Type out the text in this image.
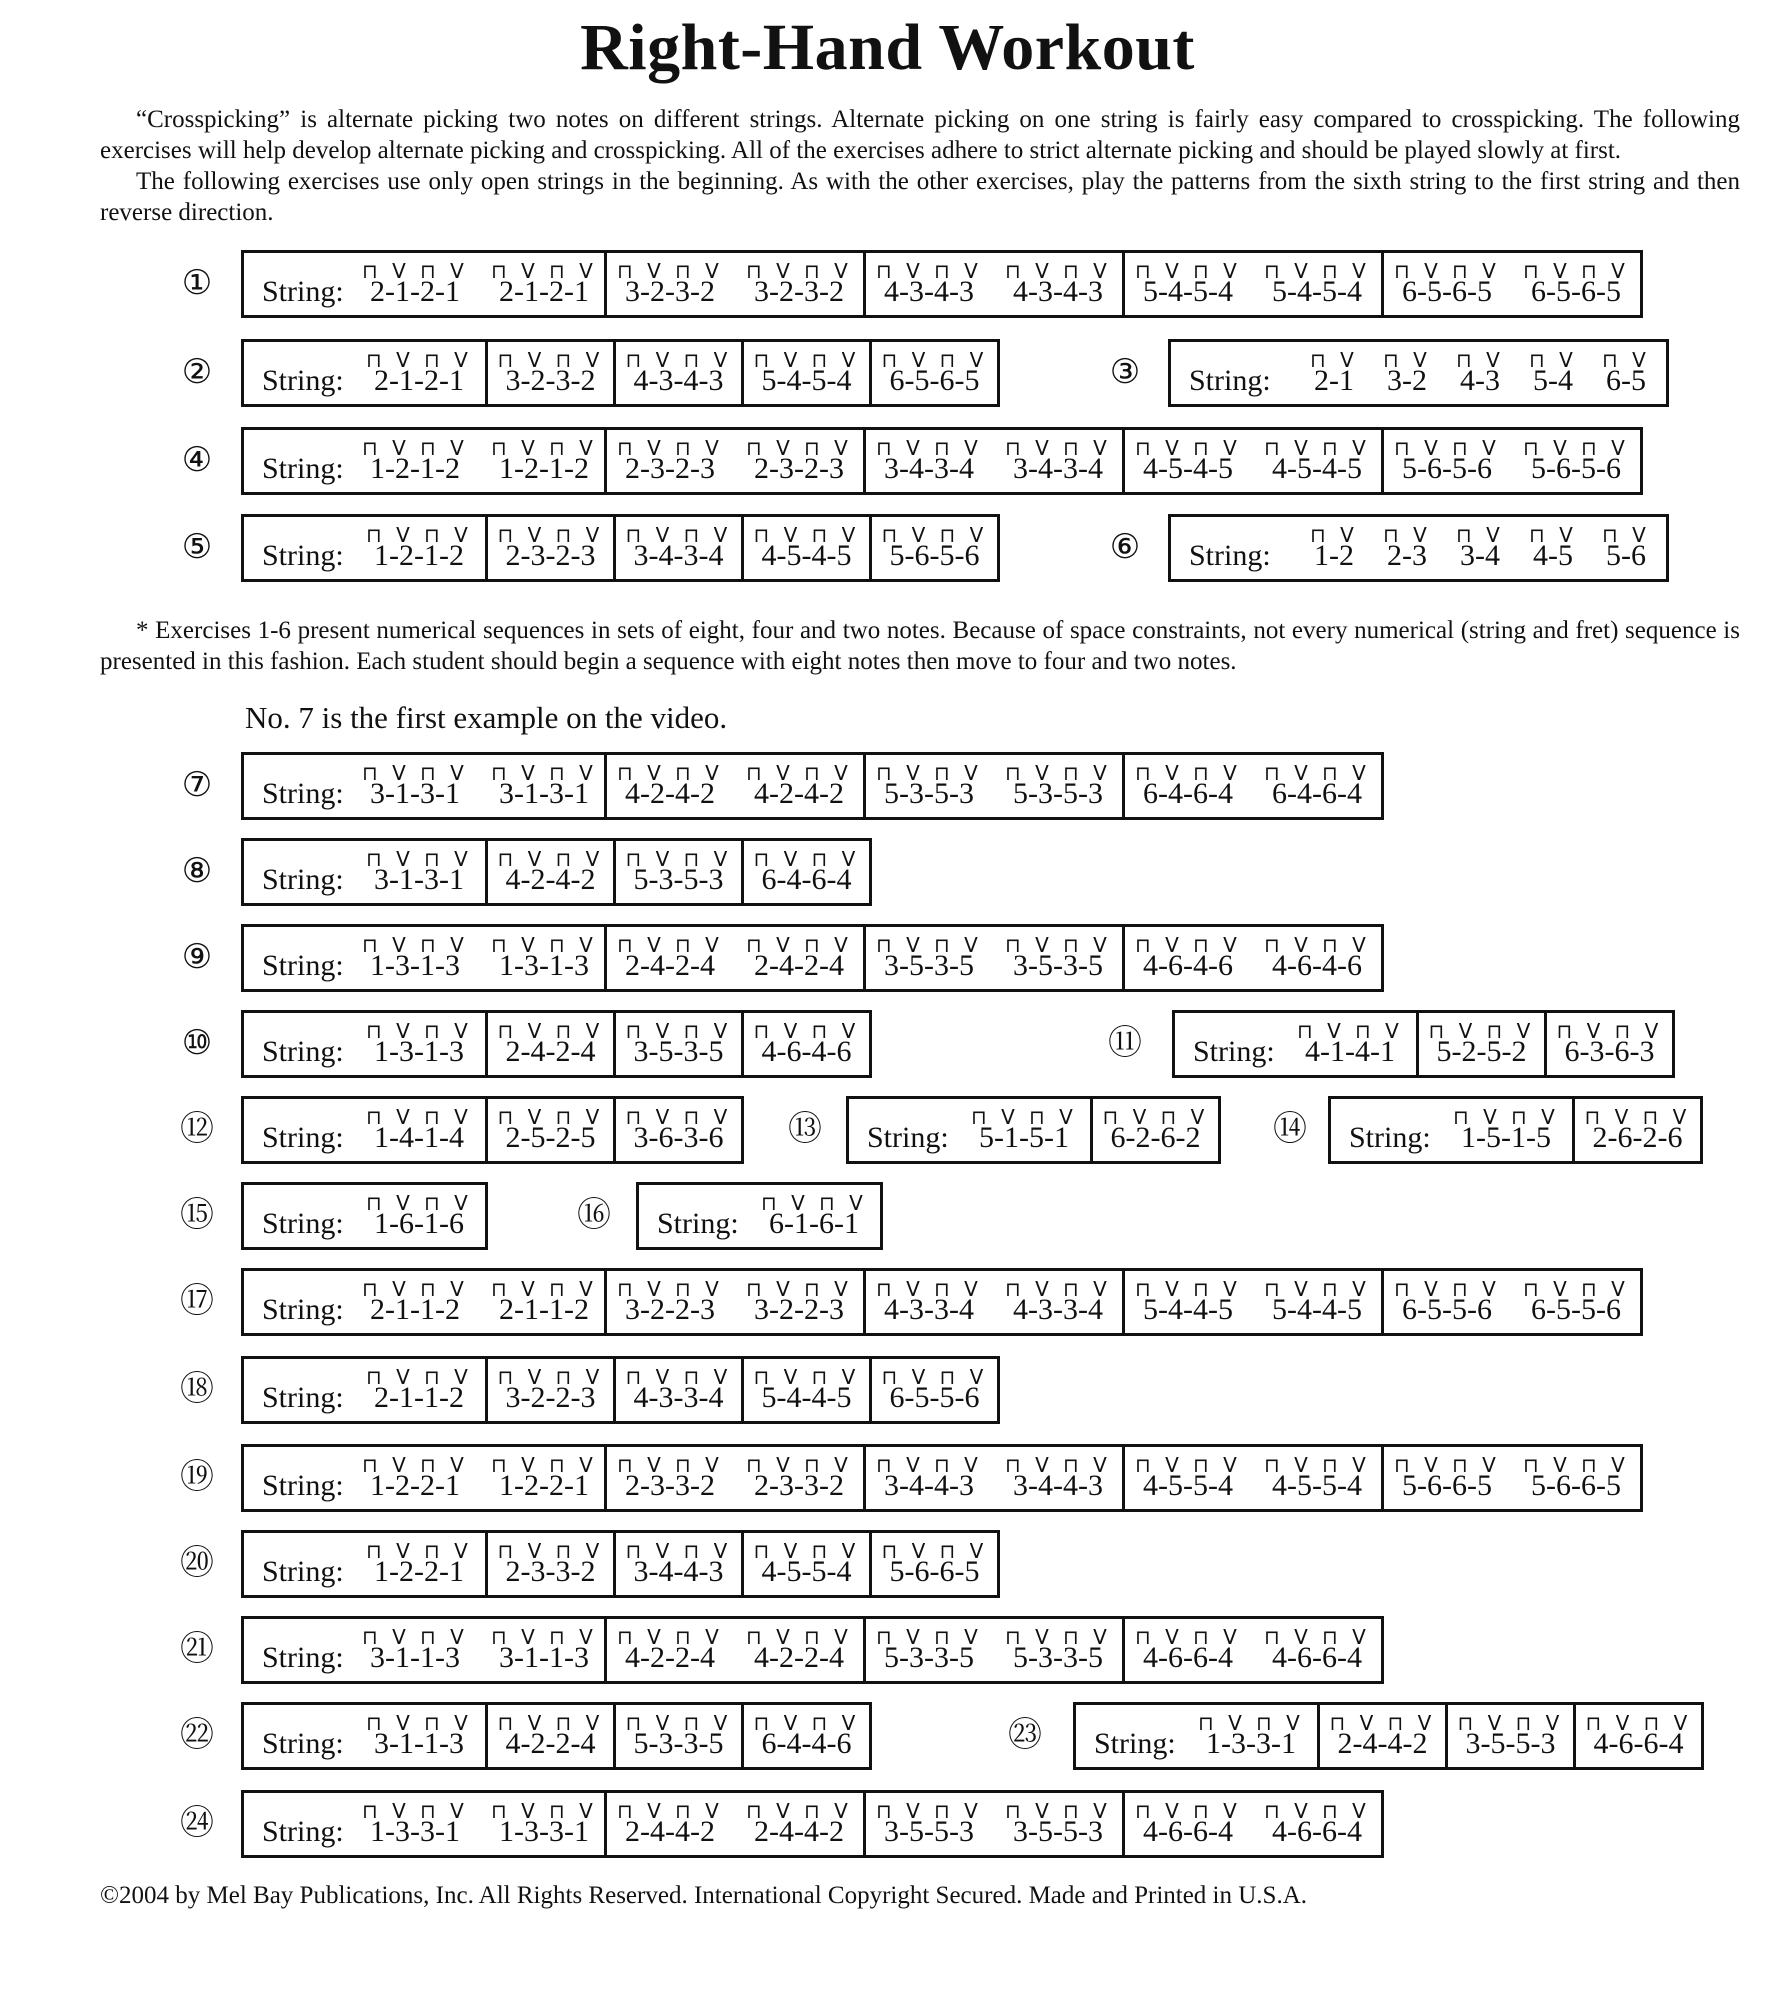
Right-Hand Workout

“Crosspicking” is alternate picking two notes on different strings. Alternate picking on one string is fairly easy compared to crosspicking. The following exercises will help develop alternate picking and crosspicking. All of the exercises adhere to strict alternate picking and should be played slowly at first.

The following exercises use only open strings in the beginning. As with the other exercises, play the patterns from the sixth string to the first string and then reverse direction.

* Exercises 1-6 present numerical sequences in sets of eight, four and two notes. Because of space constraints, not every numerical (string and fret) sequence is presented in this fashion. Each student should begin a sequence with eight notes then move to four and two notes.

No. 7 is the first example on the video.
① String:
⊓ V ⊓ V
2-1-2-1
⊓ V ⊓ V
2-1-2-1
⊓ V ⊓ V
3-2-3-2
⊓ V ⊓ V
3-2-3-2
⊓ V ⊓ V
4-3-4-3
⊓ V ⊓ V
4-3-4-3
⊓ V ⊓ V
5-4-5-4
⊓ V ⊓ V
5-4-5-4
⊓ V ⊓ V
6-5-6-5
⊓ V ⊓ V
6-5-6-5
② String:
⊓ V ⊓ V
2-1-2-1
⊓ V ⊓ V
3-2-3-2
⊓ V ⊓ V
4-3-4-3
⊓ V ⊓ V
5-4-5-4
⊓ V ⊓ V
6-5-6-5	③ String:
⊓ V
2-1
⊓ V
3-2
⊓ V
4-3
⊓ V
5-4
⊓ V
6-5
④ String:
⊓ V ⊓ V
1-2-1-2
⊓ V ⊓ V
1-2-1-2
⊓ V ⊓ V
2-3-2-3
⊓ V ⊓ V
2-3-2-3
⊓ V ⊓ V
3-4-3-4
⊓ V ⊓ V
3-4-3-4
⊓ V ⊓ V
4-5-4-5
⊓ V ⊓ V
4-5-4-5
⊓ V ⊓ V
5-6-5-6
⊓ V ⊓ V
5-6-5-6
⑤ String:
⊓ V ⊓ V
1-2-1-2
⊓ V ⊓ V
2-3-2-3
⊓ V ⊓ V
3-4-3-4
⊓ V ⊓ V
4-5-4-5
⊓ V ⊓ V
5-6-5-6	⑥ String:
⊓ V
1-2
⊓ V
2-3
⊓ V
3-4
⊓ V
4-5
⊓ V
5-6
⑦ String:
⊓ V ⊓ V
3-1-3-1
⊓ V ⊓ V
3-1-3-1
⊓ V ⊓ V
4-2-4-2
⊓ V ⊓ V
4-2-4-2
⊓ V ⊓ V
5-3-5-3
⊓ V ⊓ V
5-3-5-3
⊓ V ⊓ V
6-4-6-4
⊓ V ⊓ V
6-4-6-4
⑧ String:
⊓ V ⊓ V
3-1-3-1
⊓ V ⊓ V
4-2-4-2
⊓ V ⊓ V
5-3-5-3
⊓ V ⊓ V
6-4-6-4
⑨ String:
⊓ V ⊓ V
1-3-1-3
⊓ V ⊓ V
1-3-1-3
⊓ V ⊓ V
2-4-2-4
⊓ V ⊓ V
2-4-2-4
⊓ V ⊓ V
3-5-3-5
⊓ V ⊓ V
3-5-3-5
⊓ V ⊓ V
4-6-4-6
⊓ V ⊓ V
4-6-4-6
⑩ String:
⊓ V ⊓ V
1-3-1-3
⊓ V ⊓ V
2-4-2-4
⊓ V ⊓ V
3-5-3-5
⊓ V ⊓ V
4-6-4-6	⑪ String:
⊓ V ⊓ V
4-1-4-1
⊓ V ⊓ V
5-2-5-2
⊓ V ⊓ V
6-3-6-3
⑫ String:
⊓ V ⊓ V
1-4-1-4
⊓ V ⊓ V
2-5-2-5
⊓ V ⊓ V
3-6-3-6	⑬ String:
⊓ V ⊓ V
5-1-5-1
⊓ V ⊓ V
6-2-6-2	⑭ String:
⊓ V ⊓ V
1-5-1-5
⊓ V ⊓ V
2-6-2-6
⑮ String:
⊓ V ⊓ V
1-6-1-6	⑯ String:
⊓ V ⊓ V
6-1-6-1
⑰ String:
⊓ V ⊓ V
2-1-1-2
⊓ V ⊓ V
2-1-1-2
⊓ V ⊓ V
3-2-2-3
⊓ V ⊓ V
3-2-2-3
⊓ V ⊓ V
4-3-3-4
⊓ V ⊓ V
4-3-3-4
⊓ V ⊓ V
5-4-4-5
⊓ V ⊓ V
5-4-4-5
⊓ V ⊓ V
6-5-5-6
⊓ V ⊓ V
6-5-5-6
⑱ String:
⊓ V ⊓ V
2-1-1-2
⊓ V ⊓ V
3-2-2-3
⊓ V ⊓ V
4-3-3-4
⊓ V ⊓ V
5-4-4-5
⊓ V ⊓ V
6-5-5-6
⑲ String:
⊓ V ⊓ V
1-2-2-1
⊓ V ⊓ V
1-2-2-1
⊓ V ⊓ V
2-3-3-2
⊓ V ⊓ V
2-3-3-2
⊓ V ⊓ V
3-4-4-3
⊓ V ⊓ V
3-4-4-3
⊓ V ⊓ V
4-5-5-4
⊓ V ⊓ V
4-5-5-4
⊓ V ⊓ V
5-6-6-5
⊓ V ⊓ V
5-6-6-5
⑳ String:
⊓ V ⊓ V
1-2-2-1
⊓ V ⊓ V
2-3-3-2
⊓ V ⊓ V
3-4-4-3
⊓ V ⊓ V
4-5-5-4
⊓ V ⊓ V
5-6-6-5
㉑ String:
⊓ V ⊓ V
3-1-1-3
⊓ V ⊓ V
3-1-1-3
⊓ V ⊓ V
4-2-2-4
⊓ V ⊓ V
4-2-2-4
⊓ V ⊓ V
5-3-3-5
⊓ V ⊓ V
5-3-3-5
⊓ V ⊓ V
4-6-6-4
⊓ V ⊓ V
4-6-6-4
㉒ String:
⊓ V ⊓ V
3-1-1-3
⊓ V ⊓ V
4-2-2-4
⊓ V ⊓ V
5-3-3-5
⊓ V ⊓ V
6-4-4-6	㉓ String:
⊓ V ⊓ V
1-3-3-1
⊓ V ⊓ V
2-4-4-2
⊓ V ⊓ V
3-5-5-3
⊓ V ⊓ V
4-6-6-4
㉔ String:
⊓ V ⊓ V
1-3-3-1
⊓ V ⊓ V
1-3-3-1
⊓ V ⊓ V
2-4-4-2
⊓ V ⊓ V
2-4-4-2
⊓ V ⊓ V
3-5-5-3
⊓ V ⊓ V
3-5-5-3
⊓ V ⊓ V
4-6-6-4
⊓ V ⊓ V
4-6-6-4
©2004 by Mel Bay Publications, Inc. All Rights Reserved. International Copyright Secured. Made and Printed in U.S.A.
